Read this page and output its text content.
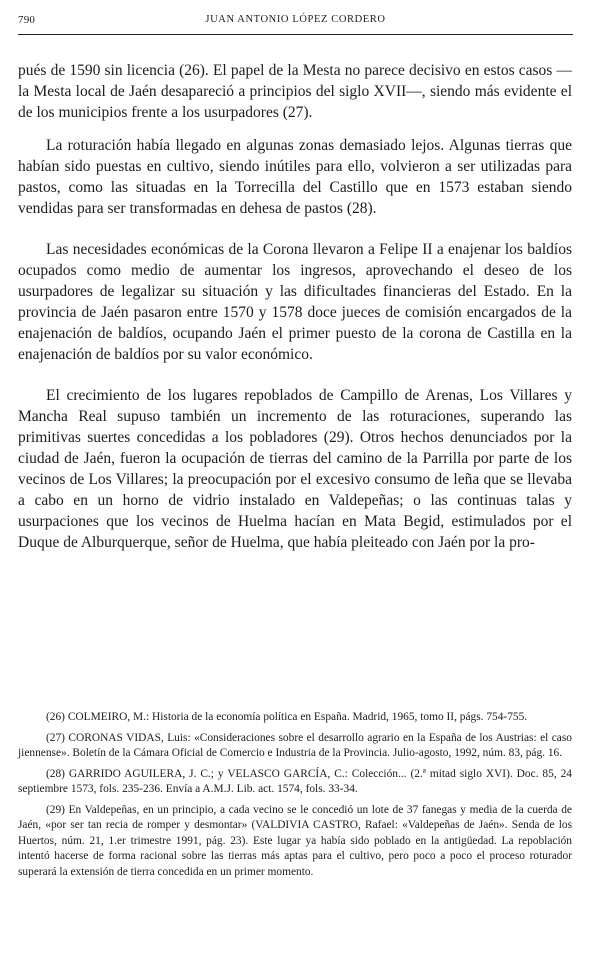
790	JUAN ANTONIO LÓPEZ CORDERO

pués de 1590 sin licencia (26). El papel de la Mesta no parece decisivo en estos casos —la Mesta local de Jaén desapareció a principios del siglo XVII—, siendo más evidente el de los municipios frente a los usurpadores (27).

La roturación había llegado en algunas zonas demasiado lejos. Algunas tierras que habían sido puestas en cultivo, siendo inútiles para ello, volvieron a ser utilizadas para pastos, como las situadas en la Torrecilla del Castillo que en 1573 estaban siendo vendidas para ser transformadas en dehesa de pastos (28).

Las necesidades económicas de la Corona llevaron a Felipe II a enajenar los baldíos ocupados como medio de aumentar los ingresos, aprovechando el deseo de los usurpadores de legalizar su situación y las dificultades financieras del Estado. En la provincia de Jaén pasaron entre 1570 y 1578 doce jueces de comisión encargados de la enajenación de baldíos, ocupando Jaén el primer puesto de la corona de Castilla en la enajenación de baldíos por su valor económico.

El crecimiento de los lugares repoblados de Campillo de Arenas, Los Villares y Mancha Real supuso también un incremento de las roturaciones, superando las primitivas suertes concedidas a los pobladores (29). Otros hechos denunciados por la ciudad de Jaén, fueron la ocupación de tierras del camino de la Parrilla por parte de los vecinos de Los Villares; la preocupación por el excesivo consumo de leña que se llevaba a cabo en un horno de vidrio instalado en Valdepeñas; o las continuas talas y usurpaciones que los vecinos de Huelma hacían en Mata Begid, estimulados por el Duque de Alburquerque, señor de Huelma, que había pleiteado con Jaén por la pro-

(26) COLMEIRO, M.: Historia de la economía política en España. Madrid, 1965, tomo II, págs. 754-755.

(27) CORONAS VIDAS, Luis: «Consideraciones sobre el desarrollo agrario en la España de los Austrias: el caso jiennense». Boletín de la Cámara Oficial de Comercio e Industria de la Provincia. Julio-agosto, 1992, núm. 83, pág. 16.

(28) GARRIDO AGUILERA, J. C.; y VELASCO GARCÍA, C.: Colección... (2.ª mitad siglo XVI). Doc. 85, 24 septiembre 1573, fols. 235-236. Envía a A.M.J. Lib. act. 1574, fols. 33-34.

(29) En Valdepeñas, en un principio, a cada vecino se le concedió un lote de 37 fanegas y media de la cuerda de Jaén, «por ser tan recia de romper y desmontar» (VALDIVIA CASTRO, Rafael: «Valdepeñas de Jaén». Senda de los Huertos, núm. 21, 1.er trimestre 1991, pág. 23). Este lugar ya había sido poblado en la antigüedad. La repoblación intentó hacerse de forma racional sobre las tierras más aptas para el cultivo, pero poco a poco el proceso roturador superará la extensión de tierra concedida en un primer momento.
